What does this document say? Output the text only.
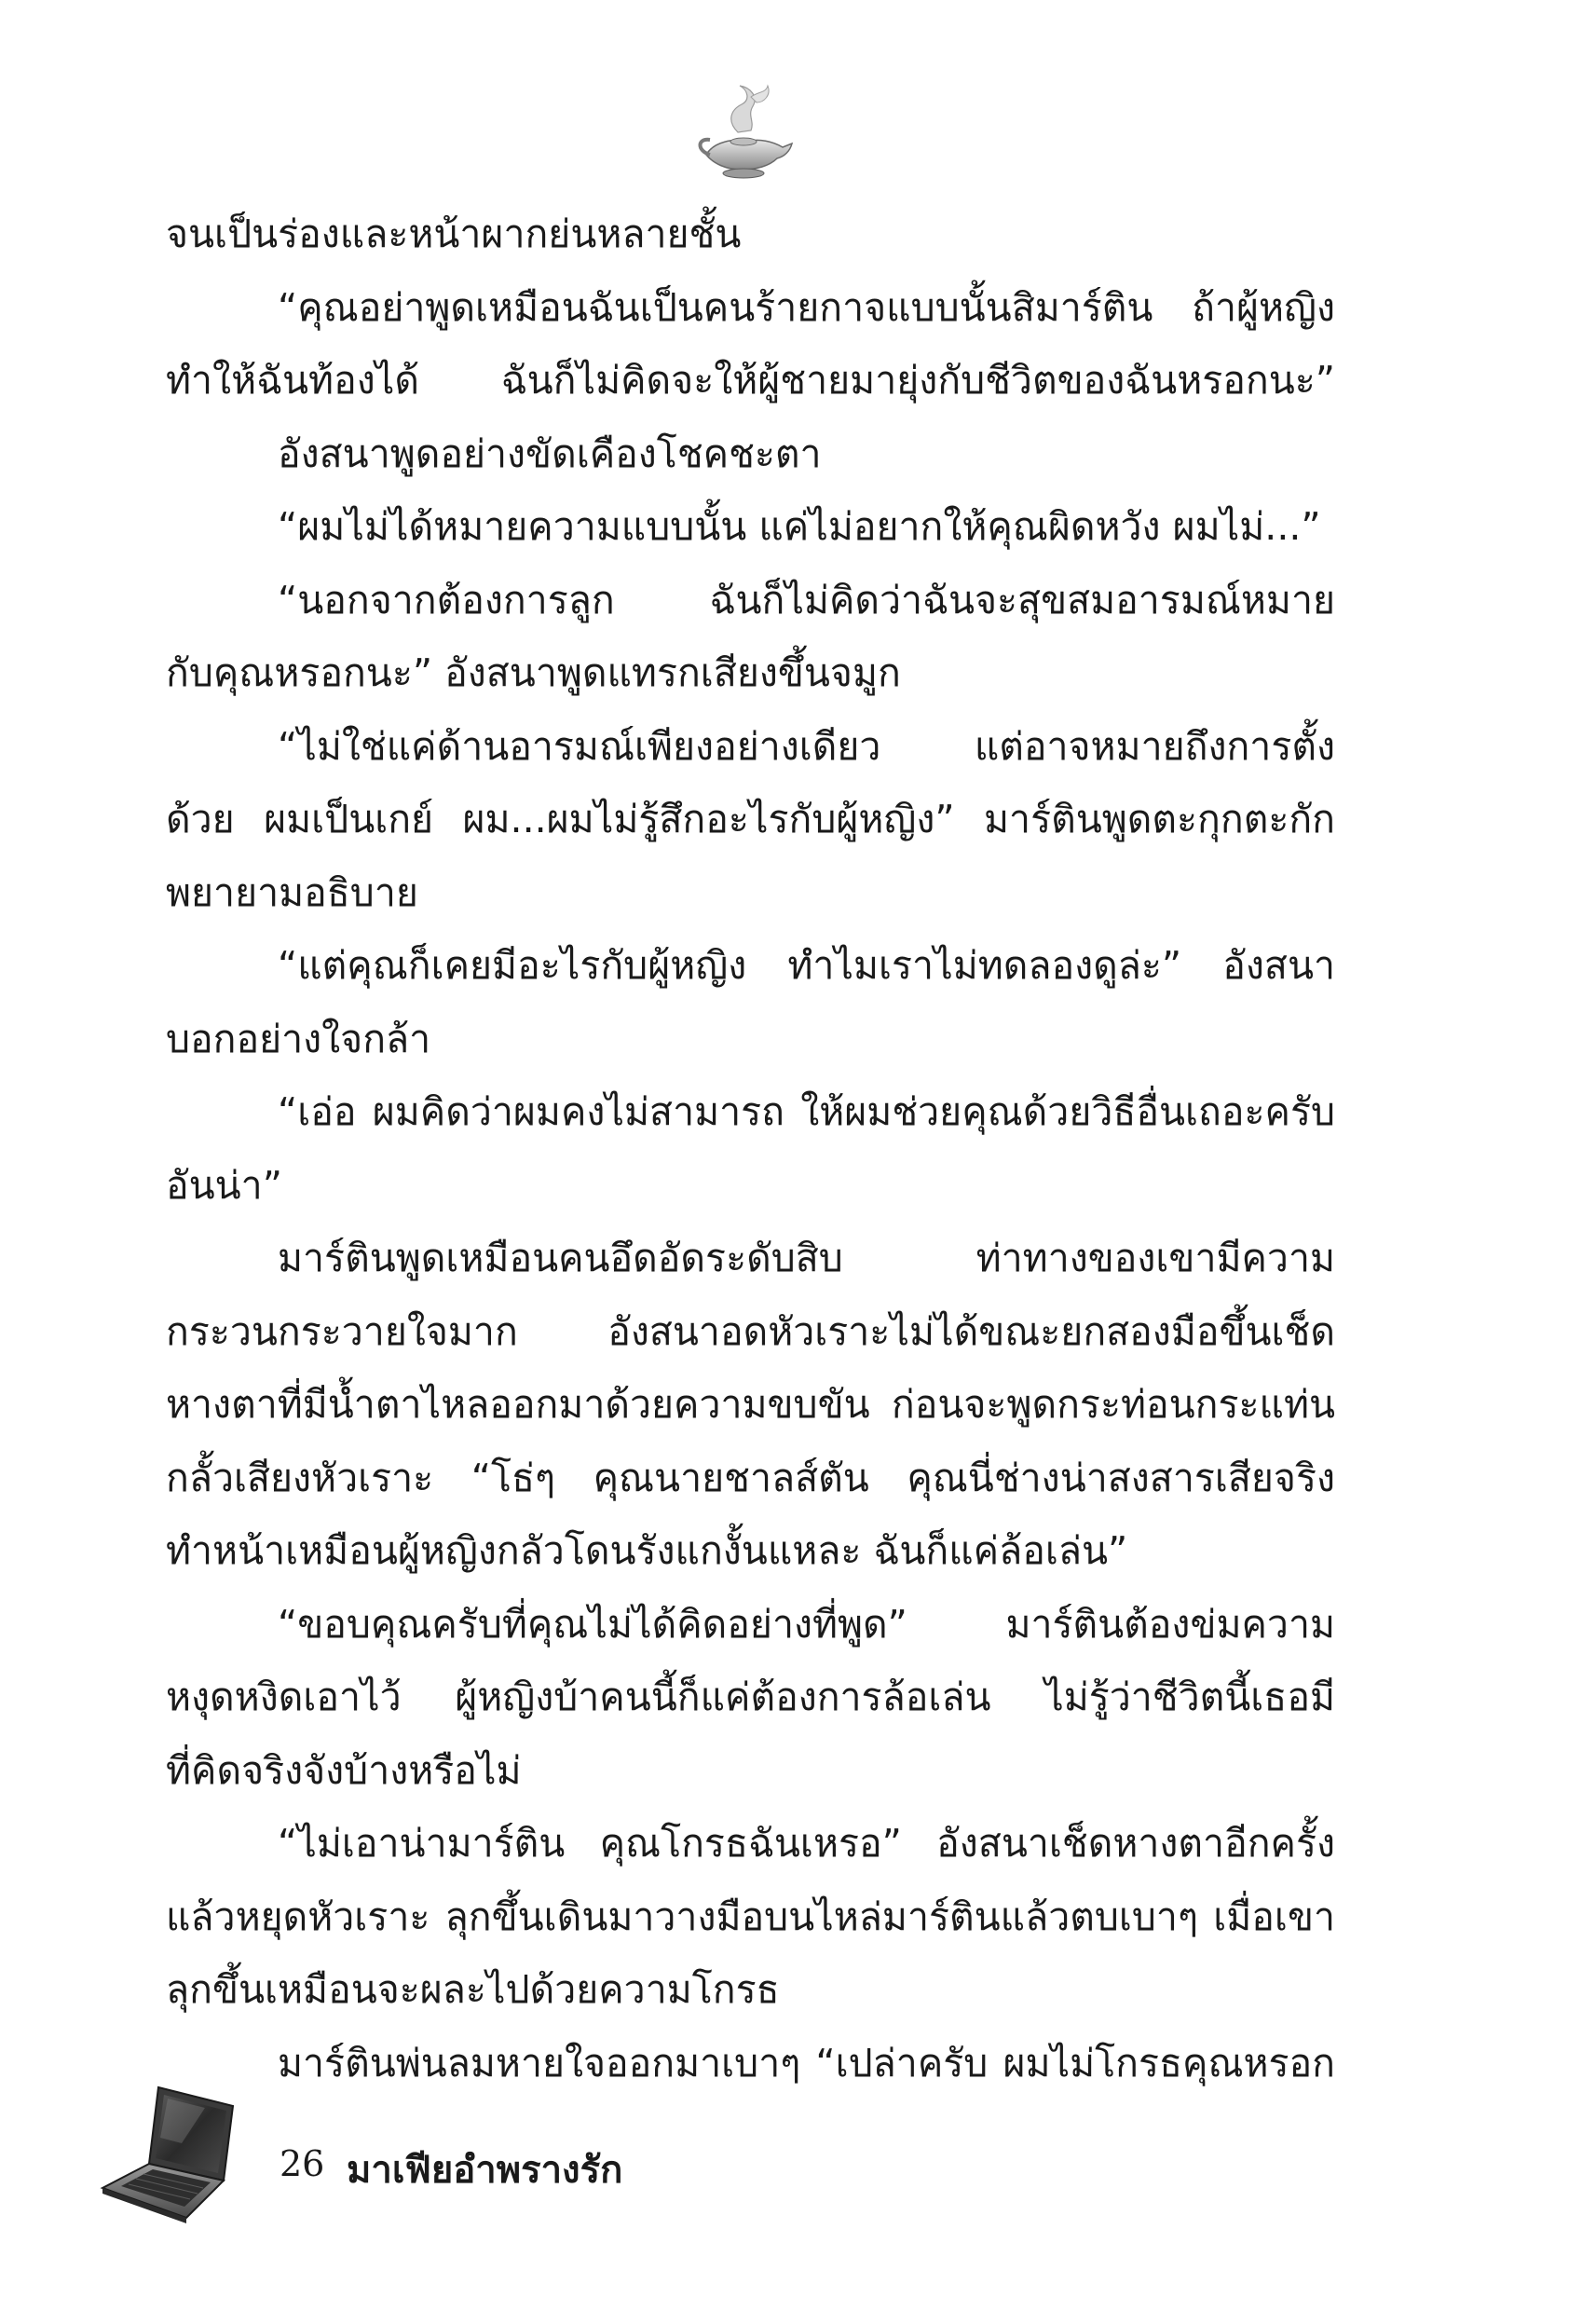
จนเป็นร่องและหน้าผากย่นหลายชั้น
“คุณอย่าพูดเหมือนฉันเป็นคนร้ายกาจแบบนั้นสิมาร์ติน ถ้าผู้หญิง
ทำให้ฉันท้องได้ ฉันก็ไม่คิดจะให้ผู้ชายมายุ่งกับชีวิตของฉันหรอกนะ”
อังสนาพูดอย่างขัดเคืองโชคชะตา
“ผมไม่ได้หมายความแบบนั้น แค่ไม่อยากให้คุณผิดหวัง ผมไม่...”
“นอกจากต้องการลูก ฉันก็ไม่คิดว่าฉันจะสุขสมอารมณ์หมาย
กับคุณหรอกนะ” อังสนาพูดแทรกเสียงขึ้นจมูก
“ไม่ใช่แค่ด้านอารมณ์เพียงอย่างเดียว แต่อาจหมายถึงการตั้ง
ด้วย ผมเป็นเกย์ ผม...ผมไม่รู้สึกอะไรกับผู้หญิง” มาร์ตินพูดตะกุกตะกัก
พยายามอธิบาย
“แต่คุณก็เคยมีอะไรกับผู้หญิง ทำไมเราไม่ทดลองดูล่ะ” อังสนา
บอกอย่างใจกล้า
“เอ่อ ผมคิดว่าผมคงไม่สามารถ ให้ผมช่วยคุณด้วยวิธีอื่นเถอะครับ
อันน่า”
มาร์ตินพูดเหมือนคนอึดอัดระดับสิบ ท่าทางของเขามีความ
กระวนกระวายใจมาก อังสนาอดหัวเราะไม่ได้ขณะยกสองมือขึ้นเช็ด
หางตาที่มีน้ำตาไหลออกมาด้วยความขบขัน ก่อนจะพูดกระท่อนกระแท่น
กลั้วเสียงหัวเราะ “โธ่ๆ คุณนายชาลส์ตัน คุณนี่ช่างน่าสงสารเสียจริง
ทำหน้าเหมือนผู้หญิงกลัวโดนรังแกงั้นแหละ ฉันก็แค่ล้อเล่น”
“ขอบคุณครับที่คุณไม่ได้คิดอย่างที่พูด” มาร์ตินต้องข่มความ
หงุดหงิดเอาไว้ ผู้หญิงบ้าคนนี้ก็แค่ต้องการล้อเล่น ไม่รู้ว่าชีวิตนี้เธอมี
ที่คิดจริงจังบ้างหรือไม่
“ไม่เอาน่ามาร์ติน คุณโกรธฉันเหรอ” อังสนาเช็ดหางตาอีกครั้ง
แล้วหยุดหัวเราะ ลุกขึ้นเดินมาวางมือบนไหล่มาร์ตินแล้วตบเบาๆ เมื่อเขา
ลุกขึ้นเหมือนจะผละไปด้วยความโกรธ
มาร์ตินพ่นลมหายใจออกมาเบาๆ “เปล่าครับ ผมไม่โกรธคุณหรอก
26 มาเฟียอำพรางรัก
